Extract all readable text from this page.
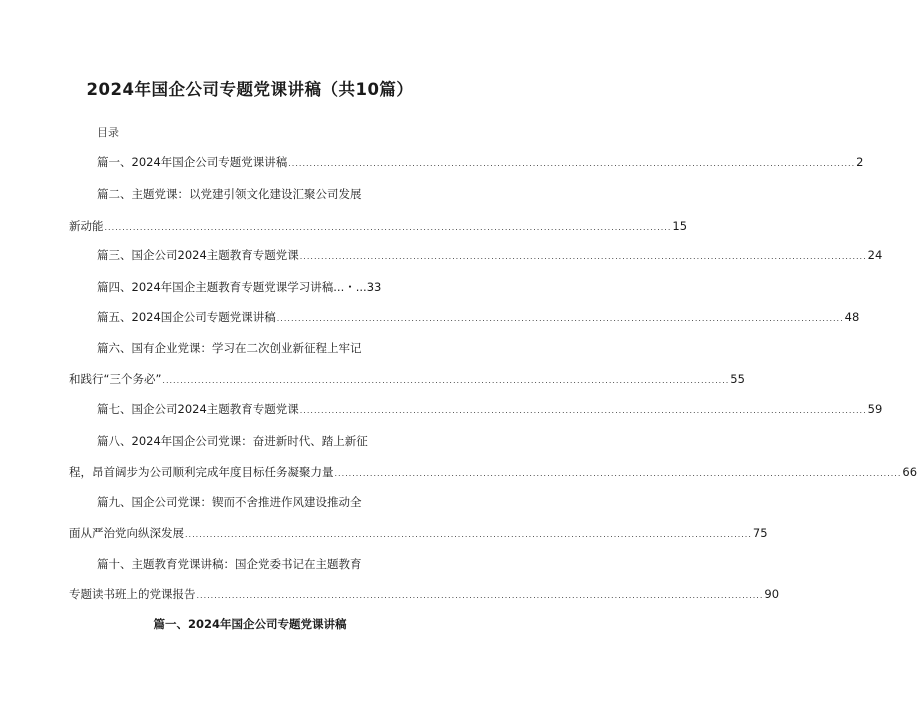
2024年国企公司专题党课讲稿（共10篇）
目录
篇一、2024年国企公司专题党课讲稿 ................................................................................................................................................................ 2
篇二、主题党课：以党建引领文化建设汇聚公司发展
新动能 ................................................................................................................................................................ 15
篇三、国企公司2024主题教育专题党课 ................................................................................................................................................................ 24
篇四、2024年国企主题教育专题党课学习讲稿...・... 33
篇五、2024国企公司专题党课讲稿 ................................................................................................................................................................ 48
篇六、国有企业党课：学习在二次创业新征程上牢记
和践行“三个务必” ................................................................................................................................................................ 55
篇七、国企公司2024主题教育专题党课 ................................................................................................................................................................ 59
篇八、2024年国企公司党课：奋进新时代、踏上新征
程，昂首阔步为公司顺利完成年度目标任务凝聚力量 ................................................................................................................................................................ 66
篇九、国企公司党课：锲而不舍推进作风建设推动全
面从严治党向纵深发展 ................................................................................................................................................................ 75
篇十、主题教育党课讲稿：国企党委书记在主题教育
专题读书班上的党课报告 ................................................................................................................................................................ 90
篇一、2024年国企公司专题党课讲稿
